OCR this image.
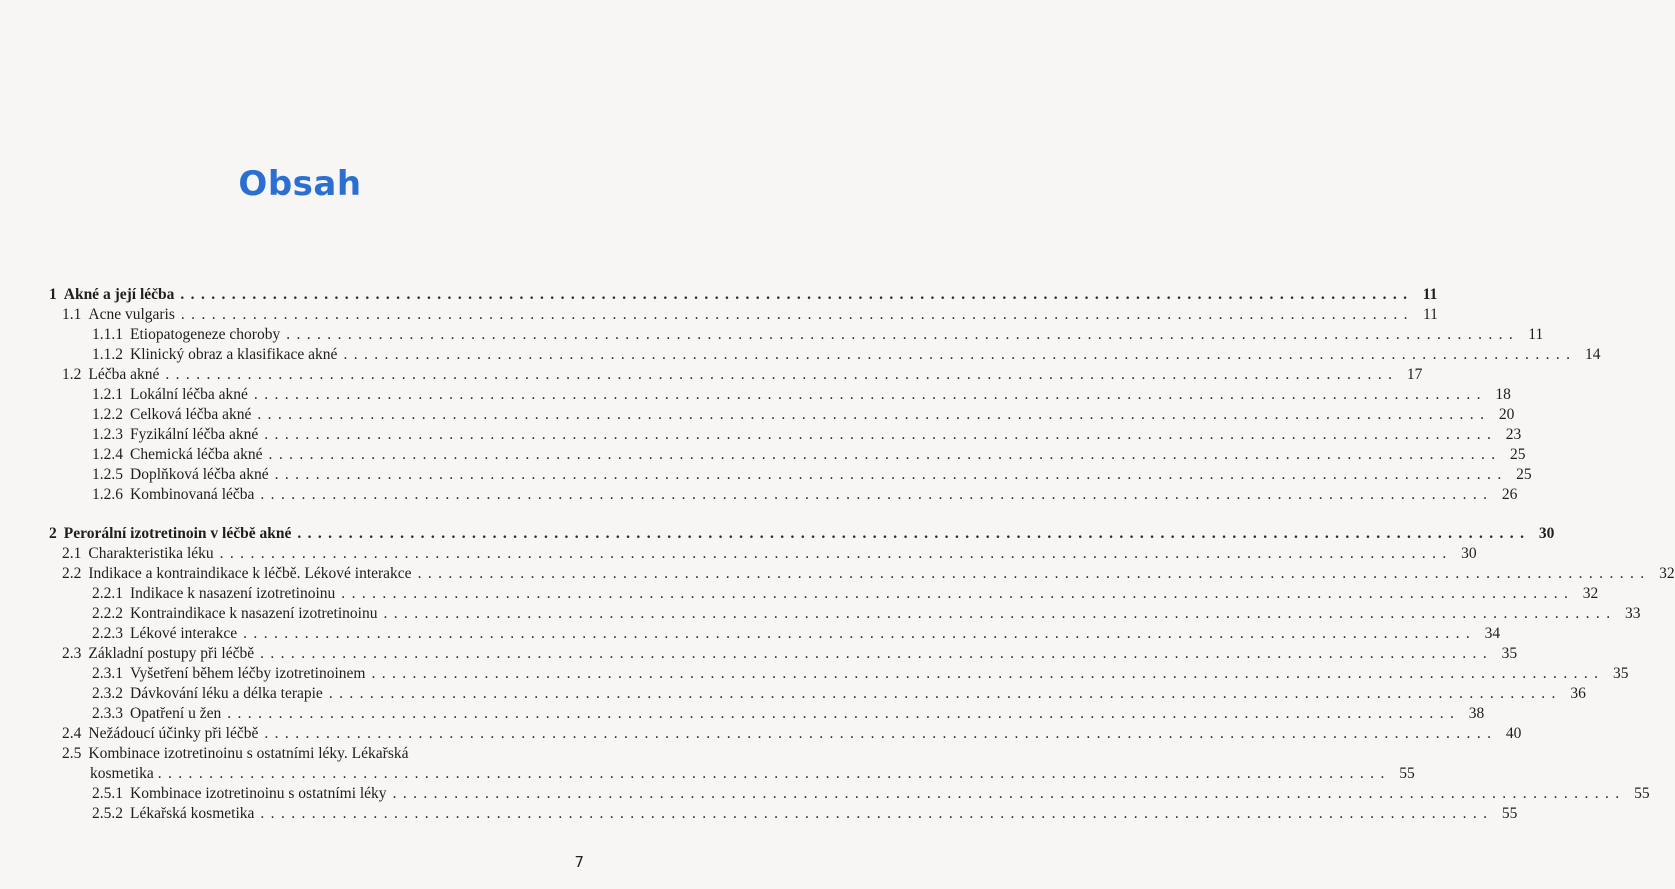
Obsah
1 Akné a její léčba ........................................................................................................................ 11
1.1 Acne vulgaris ........................................................................................................................ 11
1.1.1 Etiopatogeneze choroby ........................................................................................................................ 11
1.1.2 Klinický obraz a klasifikace akné ........................................................................................................................ 14
1.2 Léčba akné ........................................................................................................................ 17
1.2.1 Lokální léčba akné ........................................................................................................................ 18
1.2.2 Celková léčba akné ........................................................................................................................ 20
1.2.3 Fyzikální léčba akné ........................................................................................................................ 23
1.2.4 Chemická léčba akné ........................................................................................................................ 25
1.2.5 Doplňková léčba akné ........................................................................................................................ 25
1.2.6 Kombinovaná léčba ........................................................................................................................ 26
2 Perorální izotretinoin v léčbě akné ........................................................................................................................ 30
2.1 Charakteristika léku ........................................................................................................................ 30
2.2 Indikace a kontraindikace k léčbě. Lékové interakce ........................................................................................................................ 32
2.2.1 Indikace k nasazení izotretinoinu ........................................................................................................................ 32
2.2.2 Kontraindikace k nasazení izotretinoinu ........................................................................................................................ 33
2.2.3 Lékové interakce ........................................................................................................................ 34
2.3 Základní postupy při léčbě ........................................................................................................................ 35
2.3.1 Vyšetření během léčby izotretinoinem ........................................................................................................................ 35
2.3.2 Dávkování léku a délka terapie ........................................................................................................................ 36
2.3.3 Opatření u žen ........................................................................................................................ 38
2.4 Nežádoucí účinky při léčbě ........................................................................................................................ 40
2.5 Kombinace izotretinoinu s ostatními léky. Lékařská
kosmetika ........................................................................................................................ 55
2.5.1 Kombinace izotretinoinu s ostatními léky ........................................................................................................................ 55
2.5.2 Lékařská kosmetika ........................................................................................................................ 55
7
